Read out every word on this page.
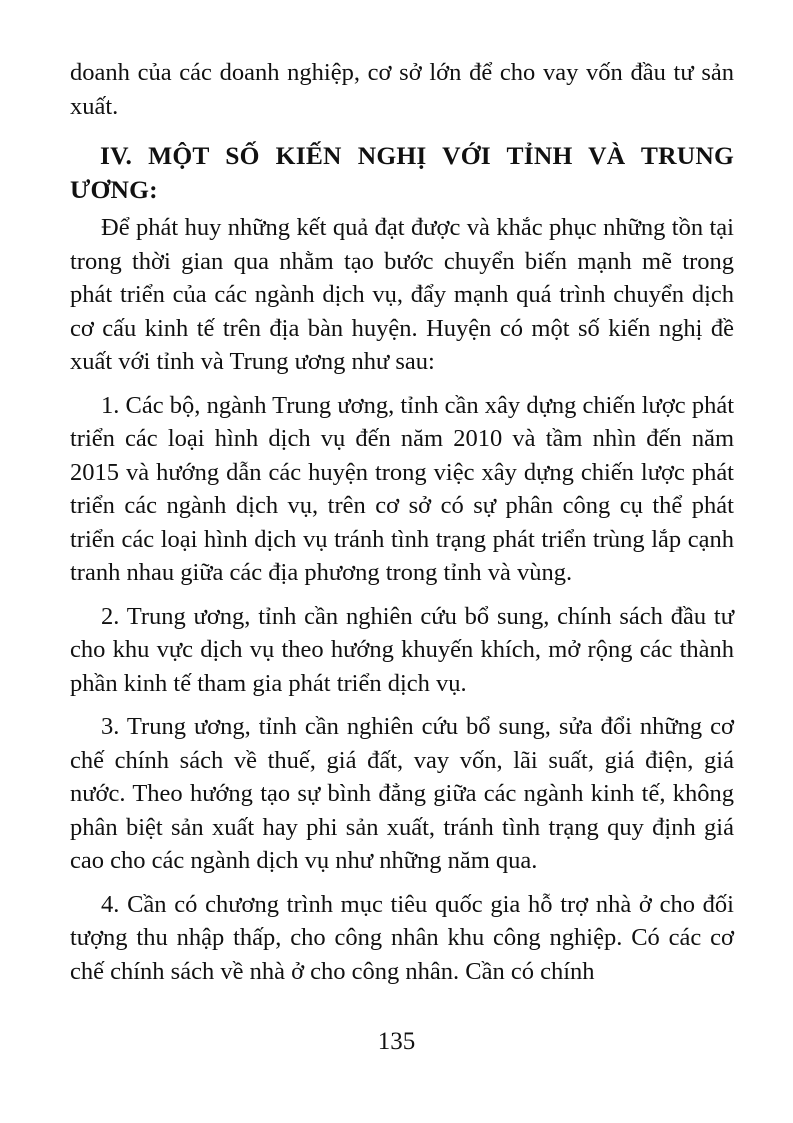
doanh của các doanh nghiệp, cơ sở lớn để cho vay vốn đầu tư sản xuất.

IV. MỘT SỐ KIẾN NGHỊ VỚI TỈNH VÀ TRUNG ƯƠNG:

Để phát huy những kết quả đạt được và khắc phục những tồn tại trong thời gian qua nhằm tạo bước chuyển biến mạnh mẽ trong phát triển của các ngành dịch vụ, đẩy mạnh quá trình chuyển dịch cơ cấu kinh tế trên địa bàn huyện. Huyện có một số kiến nghị đề xuất với tỉnh và Trung ương như sau:

1. Các bộ, ngành Trung ương, tỉnh cần xây dựng chiến lược phát triển các loại hình dịch vụ đến năm 2010 và tầm nhìn đến năm 2015 và hướng dẫn các huyện trong việc xây dựng chiến lược phát triển các ngành dịch vụ, trên cơ sở có sự phân công cụ thể phát triển các loại hình dịch vụ tránh tình trạng phát triển trùng lắp cạnh tranh nhau giữa các địa phương trong tỉnh và vùng.

2. Trung ương, tỉnh cần nghiên cứu bổ sung, chính sách đầu tư cho khu vực dịch vụ theo hướng khuyến khích, mở rộng các thành phần kinh tế tham gia phát triển dịch vụ.

3. Trung ương, tỉnh cần nghiên cứu bổ sung, sửa đổi những cơ chế chính sách về thuế, giá đất, vay vốn, lãi suất, giá điện, giá nước. Theo hướng tạo sự bình đẳng giữa các ngành kinh tế, không phân biệt sản xuất hay phi sản xuất, tránh tình trạng quy định giá cao cho các ngành dịch vụ như những năm qua.

4. Cần có chương trình mục tiêu quốc gia hỗ trợ nhà ở cho đối tượng thu nhập thấp, cho công nhân khu công nghiệp. Có các cơ chế chính sách về nhà ở cho công nhân. Cần có chính

135
